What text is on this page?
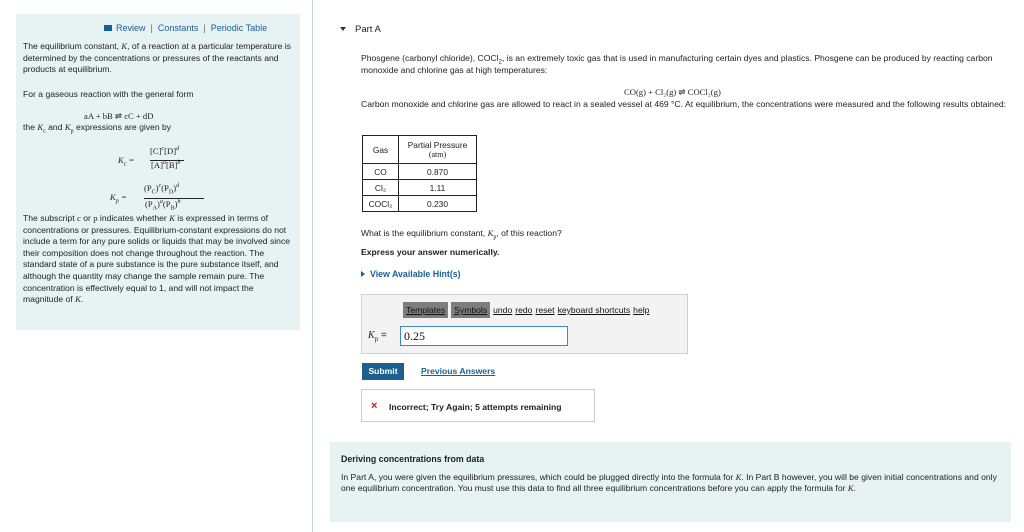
Review | Constants | Periodic Table
The equilibrium constant, K, of a reaction at a particular temperature is determined by the concentrations or pressures of the reactants and products at equilibrium.
For a gaseous reaction with the general form
aA + bB ⇌ cC + dD
the $K_c$ and $K_p$ expressions are given by
$K_c$ =
$[C]^c[D]^d$
$[A]^a[B]^b$
$K_p$ =
$(P_C)^c(P_D)^d$
$(P_A)^a(P_B)^b$
The subscript c or p indicates whether K is expressed in terms of concentrations or pressures. Equilibrium-constant expressions do not include a term for any pure solids or liquids that may be involved since their composition does not change throughout the reaction. The standard state of a pure substance is the pure substance itself, and although the quantity may change the sample remain pure. The concentration is effectively equal to 1, and will not impact the magnitude of K.
Part A
Phosgene (carbonyl chloride), COCl$_2$, is an extremely toxic gas that is used in manufacturing certain dyes and plastics. Phosgene can be produced by reacting carbon monoxide and chlorine gas at high temperatures:
CO(g) + Cl₂(g) ⇌ COCl₂(g)
Carbon monoxide and chlorine gas are allowed to react in a sealed vessel at 469 °C. At equilibrium, the concentrations were measured and the following results obtained:
Gas	Partial Pressure
(atm)

CO	0.870
Cl₂	1.11
COCl₂	0.230
What is the equilibrium constant, $K_p$, of this reaction?
Express your answer numerically.
View Available Hint(s)
Templates Symbols undo redo reset keyboard shortcuts help
$K_p$ =	0.25
Submit	Previous Answers
× Incorrect; Try Again; 5 attempts remaining
Deriving concentrations from data
In Part A, you were given the equilibrium pressures, which could be plugged directly into the formula for K. In Part B however, you will be given initial concentrations and only one equilibrium concentration. You must use this data to find all three equilibrium concentrations before you can apply the formula for K.
